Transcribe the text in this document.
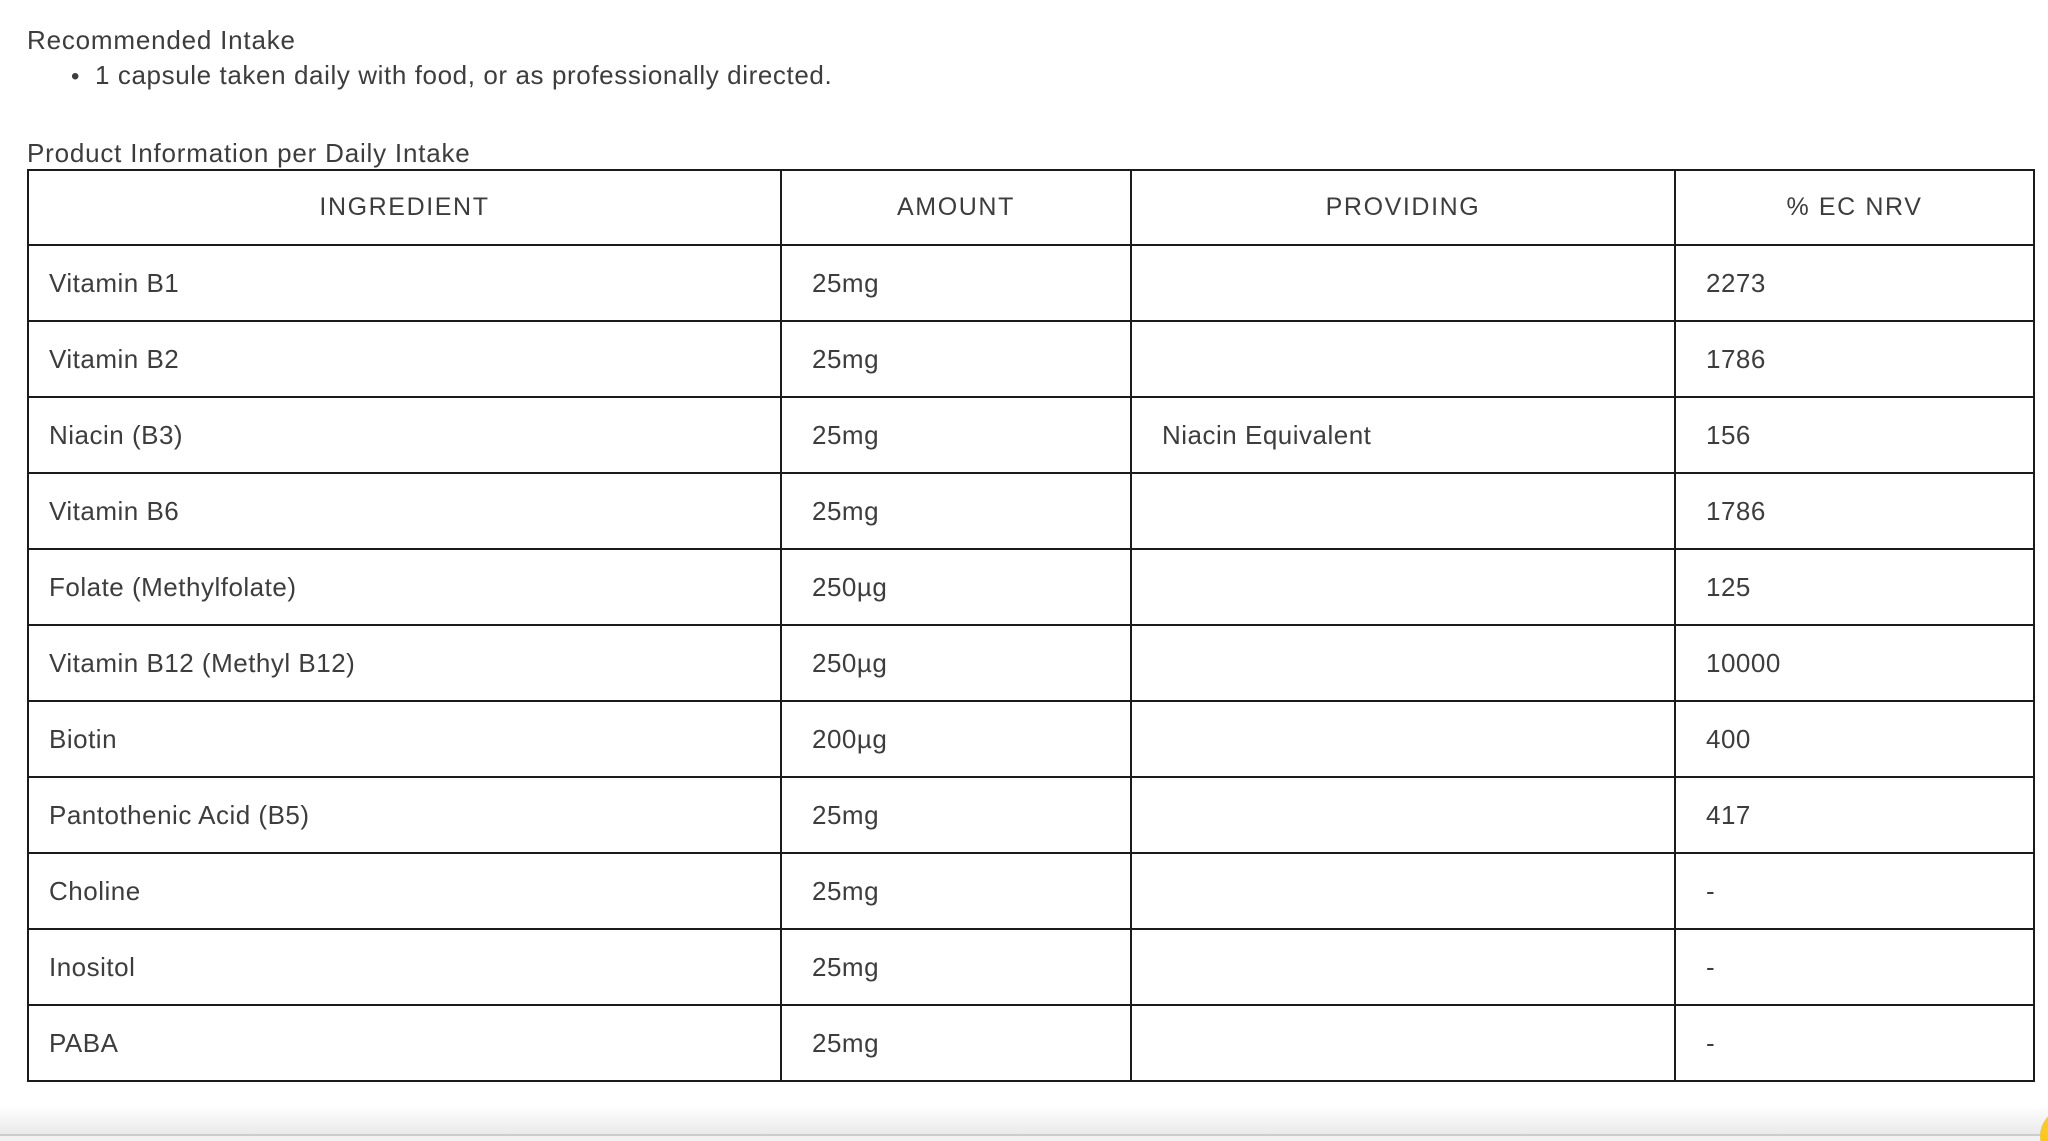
Recommended Intake
• 1 capsule taken daily with food, or as professionally directed.
Product Information per Daily Intake
INGREDIENT	AMOUNT	PROVIDING	% EC NRV
Vitamin B1	25mg		2273
Vitamin B2	25mg		1786
Niacin (B3)	25mg	Niacin Equivalent	156
Vitamin B6	25mg		1786
Folate (Methylfolate)	250µg		125
Vitamin B12 (Methyl B12)	250µg		10000
Biotin	200µg		400
Pantothenic Acid (B5)	25mg		417
Choline	25mg		-
Inositol	25mg		-
PABA	25mg		-
